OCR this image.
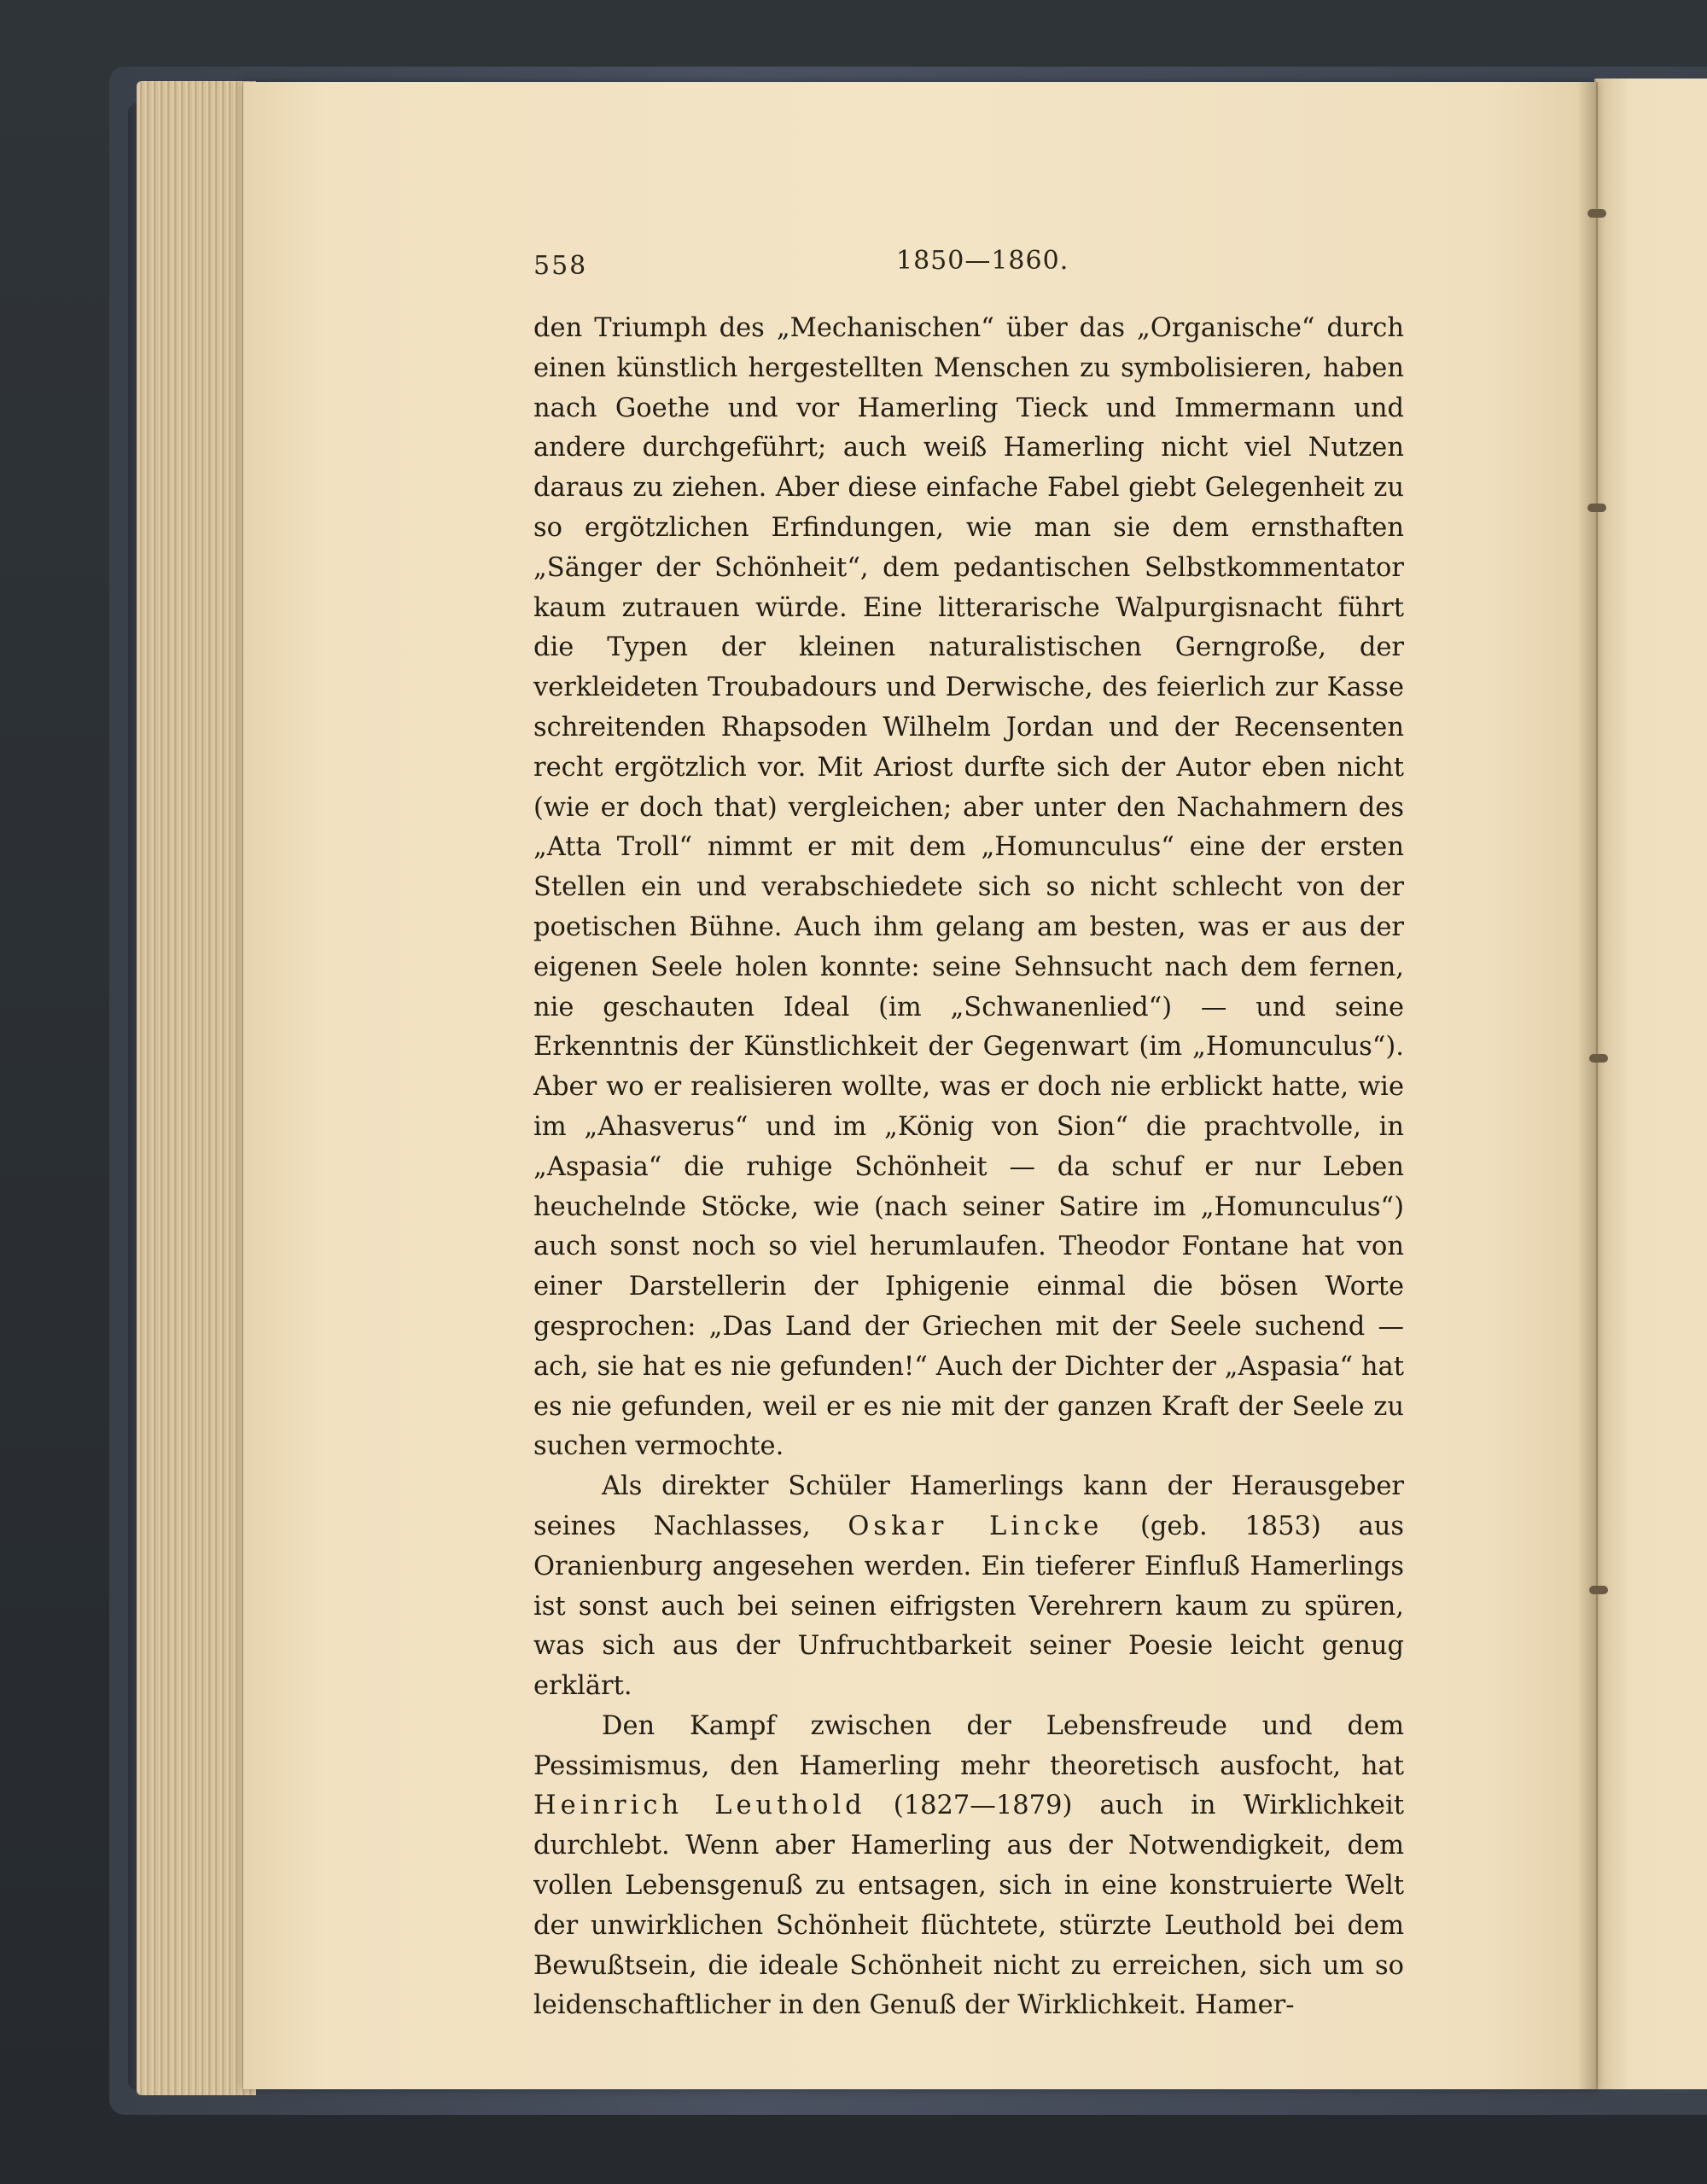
558	1850—1860.

den Triumph des „Mechanischen“ über das „Organische“ durch einen künstlich hergestellten Menschen zu symbolisieren, haben nach Goethe und vor Hamerling Tieck und Immermann und andere durchgeführt; auch weiß Hamerling nicht viel Nutzen daraus zu ziehen. Aber diese einfache Fabel giebt Gelegenheit zu so ergötzlichen Erfindungen, wie man sie dem ernsthaften „Sänger der Schönheit“, dem pedantischen Selbstkommentator kaum zutrauen würde. Eine litterarische Walpurgisnacht führt die Typen der kleinen naturalistischen Gerngroße, der verkleideten Troubadours und Derwische, des feierlich zur Kasse schreitenden Rhapsoden Wilhelm Jordan und der Recensenten recht ergötzlich vor. Mit Ariost durfte sich der Autor eben nicht (wie er doch that) vergleichen; aber unter den Nachahmern des „Atta Troll“ nimmt er mit dem „Homunculus“ eine der ersten Stellen ein und verabschiedete sich so nicht schlecht von der poetischen Bühne. Auch ihm gelang am besten, was er aus der eigenen Seele holen konnte: seine Sehnsucht nach dem fernen, nie geschauten Ideal (im „Schwanenlied“) — und seine Erkenntnis der Künstlichkeit der Gegenwart (im „Homunculus“). Aber wo er realisieren wollte, was er doch nie erblickt hatte, wie im „Ahasverus“ und im „König von Sion“ die prachtvolle, in „Aspasia“ die ruhige Schönheit — da schuf er nur Leben heuchelnde Stöcke, wie (nach seiner Satire im „Homunculus“) auch sonst noch so viel herumlaufen. Theodor Fontane hat von einer Darstellerin der Iphigenie einmal die bösen Worte gesprochen: „Das Land der Griechen mit der Seele suchend — ach, sie hat es nie gefunden!“ Auch der Dichter der „Aspasia“ hat es nie gefunden, weil er es nie mit der ganzen Kraft der Seele zu suchen vermochte.

Als direkter Schüler Hamerlings kann der Herausgeber seines Nachlasses, Oskar Lincke (geb. 1853) aus Oranienburg angesehen werden. Ein tieferer Einfluß Hamerlings ist sonst auch bei seinen eifrigsten Verehrern kaum zu spüren, was sich aus der Unfruchtbarkeit seiner Poesie leicht genug erklärt.

Den Kampf zwischen der Lebensfreude und dem Pessimismus, den Hamerling mehr theoretisch ausfocht, hat Heinrich Leuthold (1827—1879) auch in Wirklichkeit durchlebt. Wenn aber Hamerling aus der Notwendigkeit, dem vollen Lebensgenuß zu entsagen, sich in eine konstruierte Welt der unwirklichen Schönheit flüchtete, stürzte Leuthold bei dem Bewußtsein, die ideale Schönheit nicht zu erreichen, sich um so leidenschaftlicher in den Genuß der Wirklichkeit. Hamer-
